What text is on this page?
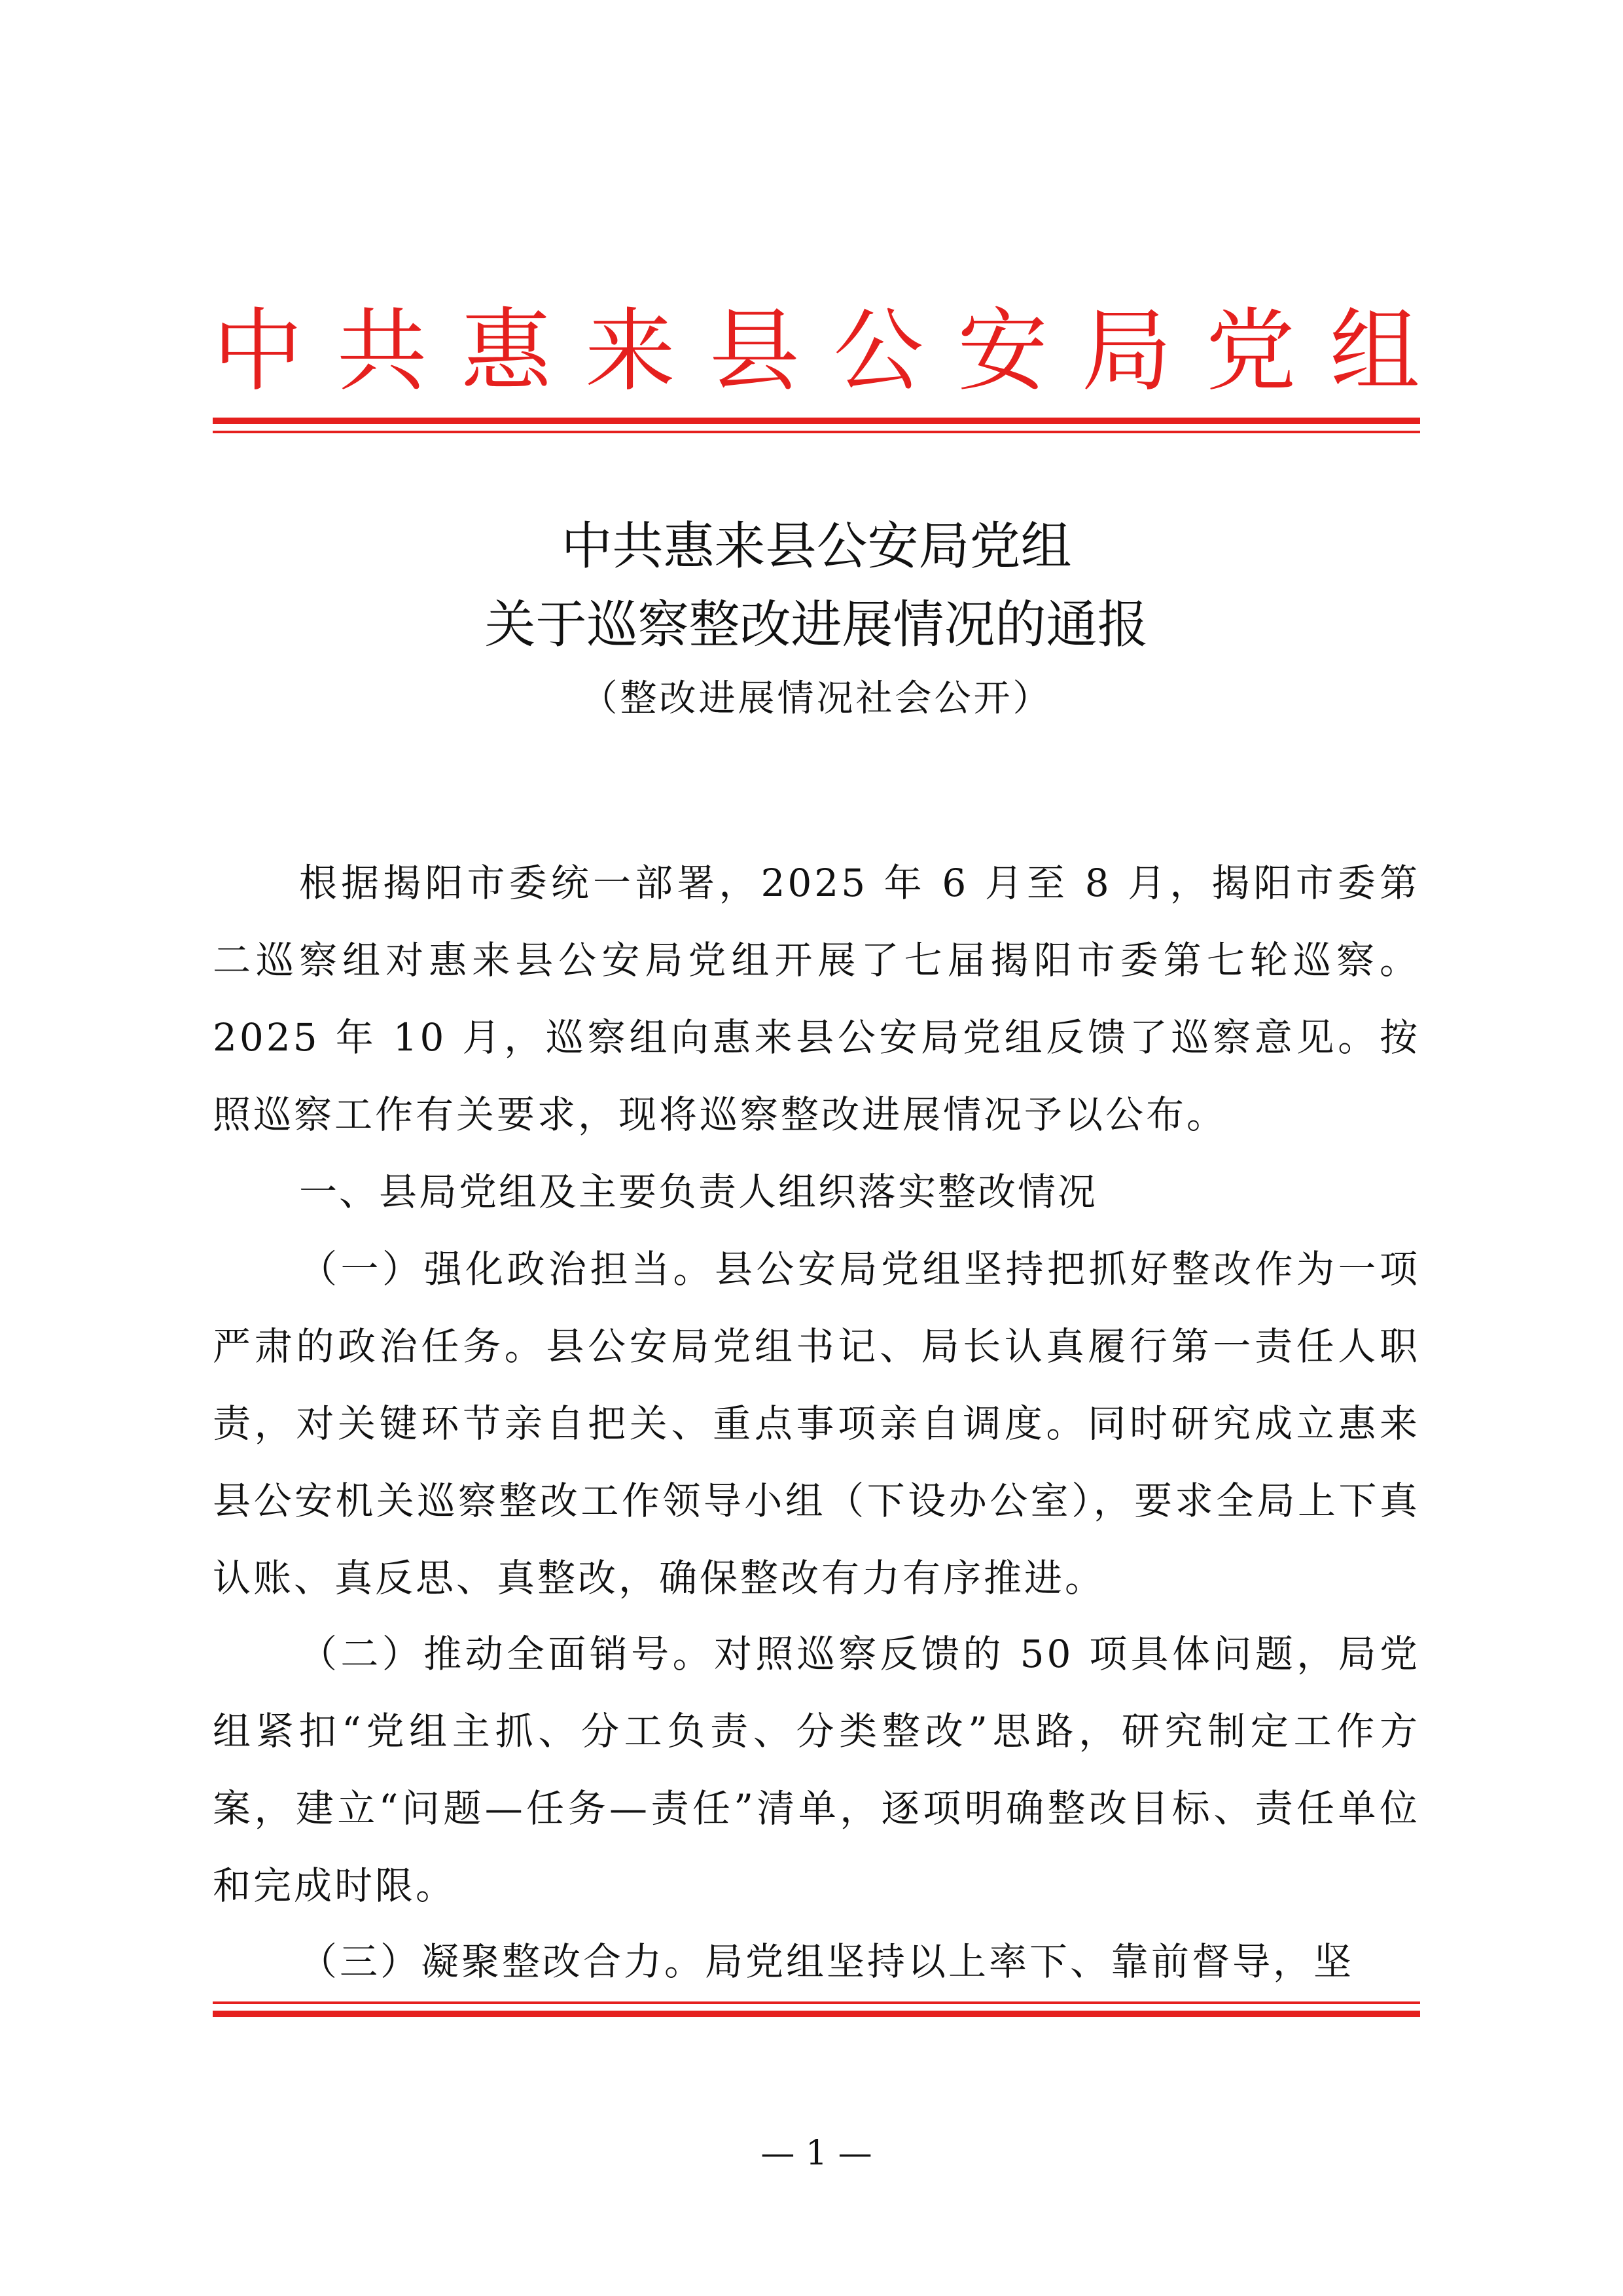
中 共 惠 来 县 公 安 局 党 组
中共惠来县公安局党组
关于巡察整改进展情况的通报
（整改进展情况社会公开）

根据揭阳市委统一部署，2025 年 6 月至 8 月，揭阳市委第二巡察组对惠来县公安局党组开展了七届揭阳市委第七轮巡察。2025 年 10 月，巡察组向惠来县公安局党组反馈了巡察意见。按照巡察工作有关要求，现将巡察整改进展情况予以公布。

一、县局党组及主要负责人组织落实整改情况

（一）强化政治担当。县公安局党组坚持把抓好整改作为一项严肃的政治任务。县公安局党组书记、局长认真履行第一责任人职责，对关键环节亲自把关、重点事项亲自调度。同时研究成立惠来县公安机关巡察整改工作领导小组（下设办公室），要求全局上下真认账、真反思、真整改，确保整改有力有序推进。

（二）推动全面销号。对照巡察反馈的 50 项具体问题，局党组紧扣“党组主抓、分工负责、分类整改”思路，研究制定工作方案，建立“问题—任务—责任”清单，逐项明确整改目标、责任单位和完成时限。

（三）凝聚整改合力。局党组坚持以上率下、靠前督导，坚

— 1 —
